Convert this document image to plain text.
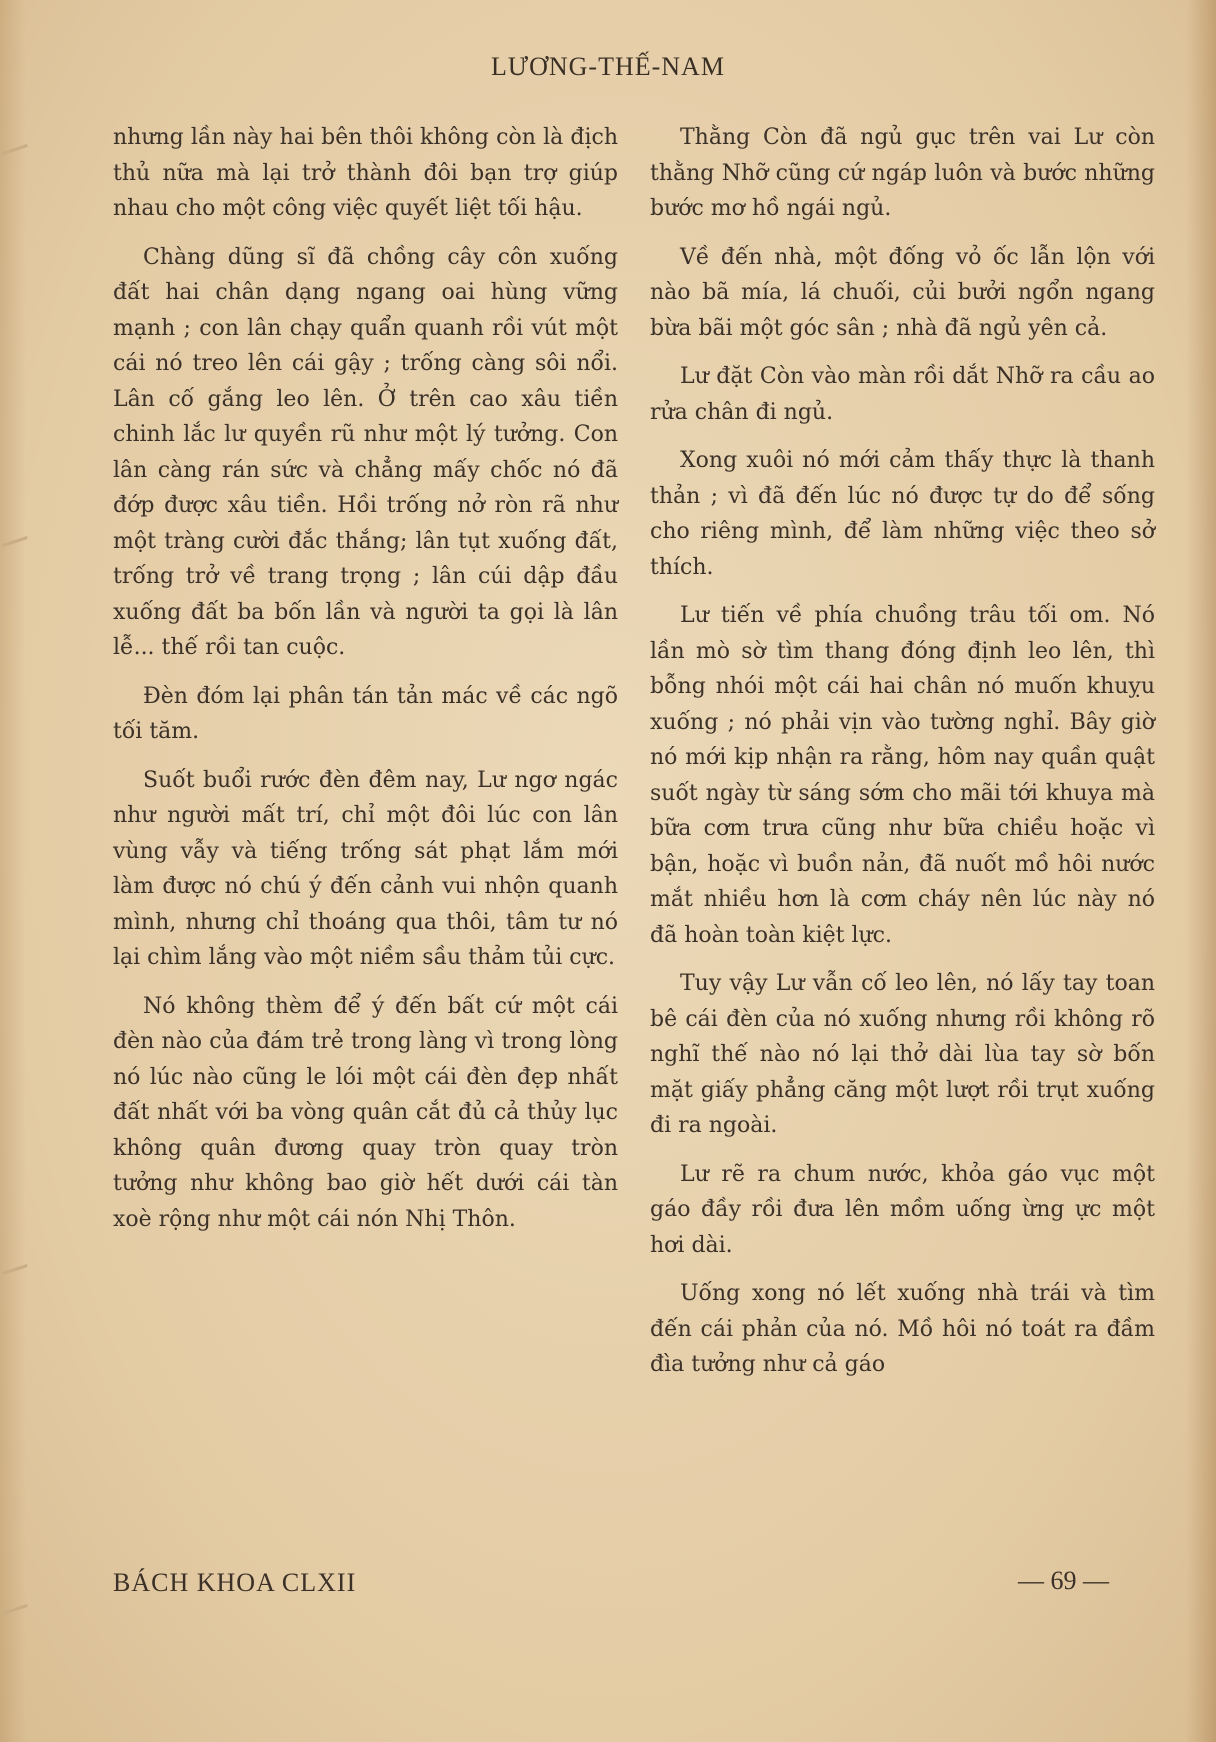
LƯƠNG-THẾ-NAM

nhưng lần này hai bên thôi không còn là địch thủ nữa mà lại trở thành đôi bạn trợ giúp nhau cho một công việc quyết liệt tối hậu.

Chàng dũng sĩ đã chồng cây côn xuống đất hai chân dạng ngang oai hùng vững mạnh ; con lân chạy quẩn quanh rồi vút một cái nó treo lên cái gậy ; trống càng sôi nổi. Lân cố gắng leo lên. Ở trên cao xâu tiền chinh lắc lư quyền rũ như một lý tưởng. Con lân càng rán sức và chẳng mấy chốc nó đã đớp được xâu tiền. Hồi trống nở ròn rã như một tràng cười đắc thắng; lân tụt xuống đất, trống trở về trang trọng ; lân cúi dập đầu xuống đất ba bốn lần và người ta gọi là lân lễ... thế rồi tan cuộc.

Đèn đóm lại phân tán tản mác về các ngõ tối tăm.

Suốt buổi rước đèn đêm nay, Lư ngơ ngác như người mất trí, chỉ một đôi lúc con lân vùng vẫy và tiếng trống sát phạt lắm mới làm được nó chú ý đến cảnh vui nhộn quanh mình, nhưng chỉ thoáng qua thôi, tâm tư nó lại chìm lắng vào một niềm sầu thảm tủi cực.

Nó không thèm để ý đến bất cứ một cái đèn nào của đám trẻ trong làng vì trong lòng nó lúc nào cũng le lói một cái đèn đẹp nhất đất nhất với ba vòng quân cắt đủ cả thủy lục không quân đương quay tròn quay tròn tưởng như không bao giờ hết dưới cái tàn xoè rộng như một cái nón Nhị Thôn.

Thằng Còn đã ngủ gục trên vai Lư còn thằng Nhỡ cũng cứ ngáp luôn và bước những bước mơ hồ ngái ngủ.

Về đến nhà, một đống vỏ ốc lẫn lộn với nào bã mía, lá chuối, củi bưởi ngổn ngang bừa bãi một góc sân ; nhà đã ngủ yên cả.

Lư đặt Còn vào màn rồi dắt Nhỡ ra cầu ao rửa chân đi ngủ.

Xong xuôi nó mới cảm thấy thực là thanh thản ; vì đã đến lúc nó được tự do để sống cho riêng mình, để làm những việc theo sở thích.

Lư tiến về phía chuồng trâu tối om. Nó lần mò sờ tìm thang đóng định leo lên, thì bỗng nhói một cái hai chân nó muốn khuỵu xuống ; nó phải vịn vào tường nghỉ. Bây giờ nó mới kịp nhận ra rằng, hôm nay quần quật suốt ngày từ sáng sớm cho mãi tới khuya mà bữa cơm trưa cũng như bữa chiều hoặc vì bận, hoặc vì buồn nản, đã nuốt mồ hôi nước mắt nhiều hơn là cơm cháy nên lúc này nó đã hoàn toàn kiệt lực.

Tuy vậy Lư vẫn cố leo lên, nó lấy tay toan bê cái đèn của nó xuống nhưng rồi không rõ nghĩ thế nào nó lại thở dài lùa tay sờ bốn mặt giấy phẳng căng một lượt rồi trụt xuống đi ra ngoài.

Lư rẽ ra chum nước, khỏa gáo vục một gáo đầy rồi đưa lên mồm uống ừng ực một hơi dài.

Uống xong nó lết xuống nhà trái và tìm đến cái phản của nó. Mồ hôi nó toát ra đầm đìa tưởng như cả gáo

BÁCH KHOA CLXII	— 69 —
